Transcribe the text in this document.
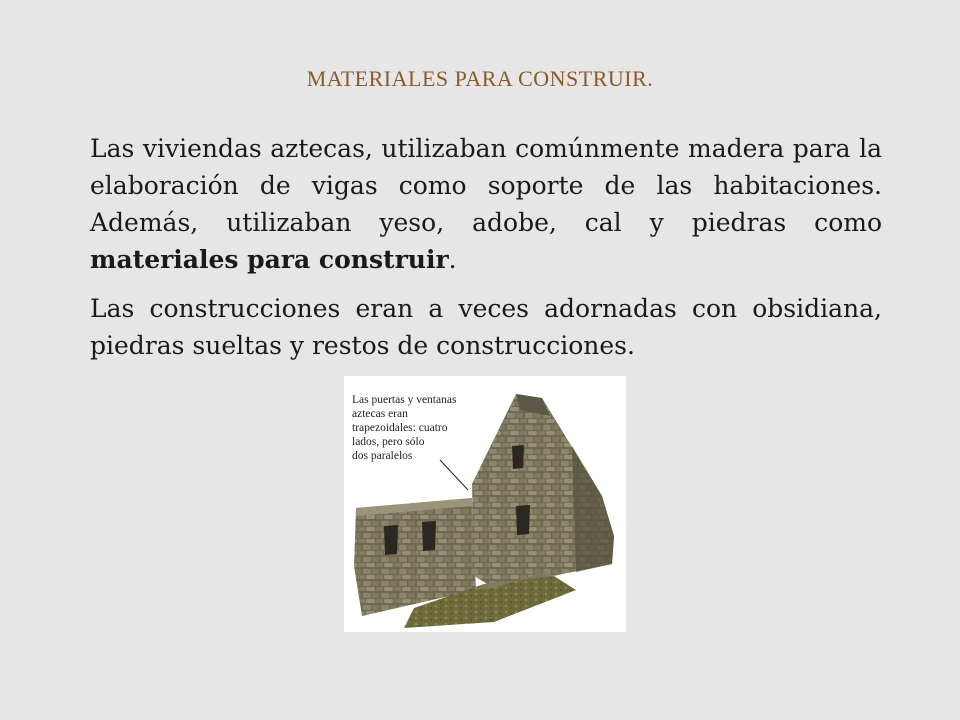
MATERIALES PARA CONSTRUIR.

Las viviendas aztecas, utilizaban comúnmente madera para la elaboración de vigas como soporte de las habitaciones. Además, utilizaban yeso, adobe, cal y piedras como materiales para construir.

Las construcciones eran a veces adornadas con obsidiana, piedras sueltas y restos de construcciones.

Las puertas y ventanas
aztecas eran
trapezoidales: cuatro
lados, pero sólo
dos paralelos
